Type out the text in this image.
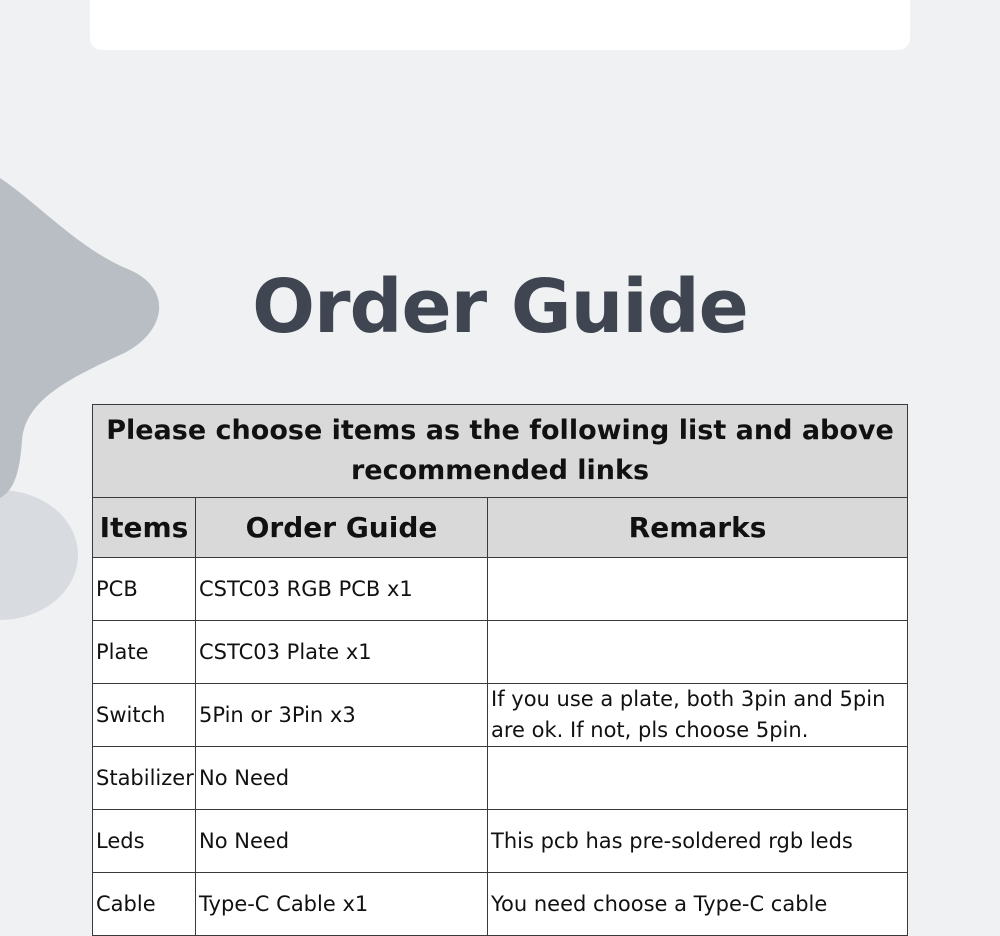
Order Guide
Please choose items as the following list and above recommended links		
Items	Order Guide	Remarks
PCB	CSTC03 RGB PCB x1	
Plate	CSTC03 Plate x1	
Switch	5Pin or 3Pin x3	If you use a plate, both 3pin and 5pin are ok. If not, pls choose 5pin.
Stabilizer	No Need	
Leds	No Need	This pcb has pre-soldered rgb leds
Cable	Type-C Cable x1	You need choose a Type-C cable
